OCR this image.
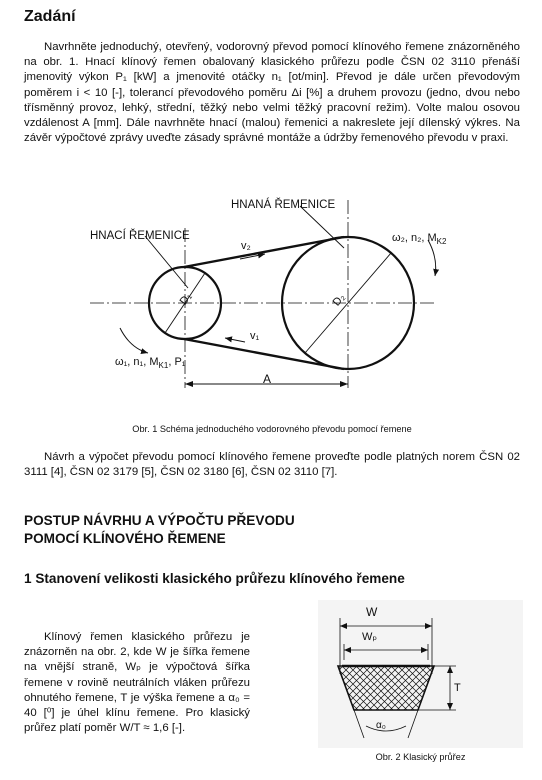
Zadání
Navrhněte jednoduchý, otevřený, vodorovný převod pomocí klínového řemene znázorněného na obr. 1. Hnací klínový řemen obalovaný klasického průřezu podle ČSN 02 3110 přenáší jmenovitý výkon P₁ [kW] a jmenovité otáčky n₁ [ot/min]. Převod je dále určen převodovým poměrem i < 10 [-], tolerancí převodového poměru Δi [%] a druhem provozu (jedno, dvou nebo třísměnný provoz, lehký, střední, těžký nebo velmi těžký pracovní režim). Volte malou osovou vzdálenost A [mm]. Dále navrhněte hnací (malou) řemenici a nakreslete její dílenský výkres. Na závěr výpočtové zprávy uveďte zásady správné montáže a údržby řemenového převodu v praxi.
HNACÍ ŘEMENICE
HNANÁ ŘEMENICE
v₂
v₁
D₁	D₂
ω₁, n₁, $M_{K1}$, P₁
ω₂, n₂, $M_{K2}$
A
Obr. 1 Schéma jednoduchého vodorovného převodu pomocí řemene
Návrh a výpočet převodu pomocí klínového řemene proveďte podle platných norem ČSN 02 3111 [4], ČSN 02 3179 [5], ČSN 02 3180 [6], ČSN 02 3110 [7].
POSTUP NÁVRHU A VÝPOČTU PŘEVODU
POMOCÍ KLÍNOVÉHO ŘEMENE
1 Stanovení velikosti klasického průřezu klínového řemene
Klínový řemen klasického průřezu je znázorněn na obr. 2, kde W je šířka řemene na vnější straně, Wₚ je výpočtová šířka řemene v rovině neutrálních vláken průřezu ohnutého řemene, T je výška řemene a α₀ = 40 [⁰] je úhel klínu řemene. Pro klasický průřez platí poměr W/T ≈ 1,6 [-].
W
Wₚ
T
α₀
Obr. 2 Klasický průřez
